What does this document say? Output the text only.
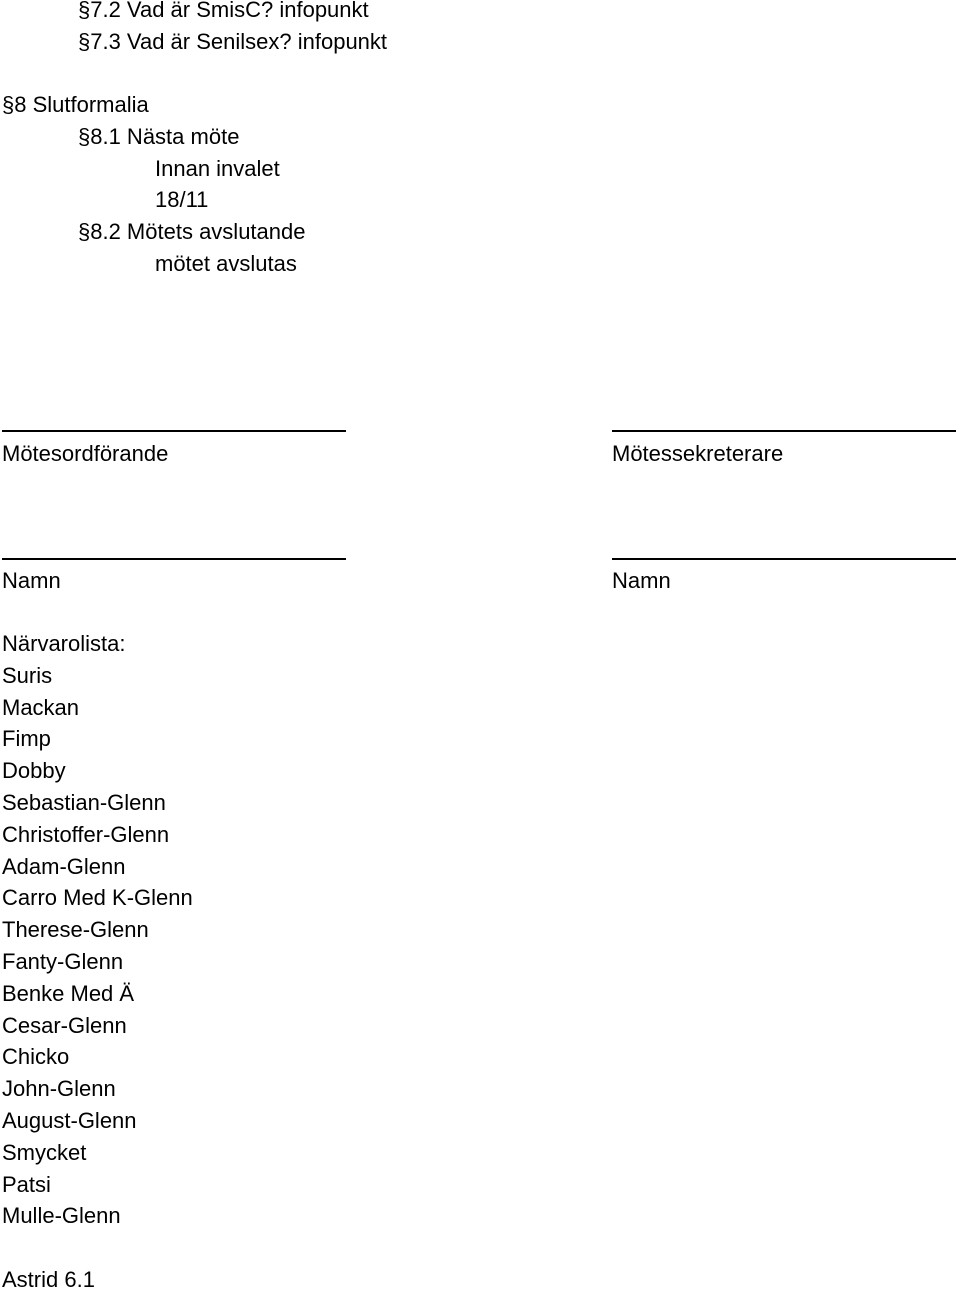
§7.2 Vad är SmisC? infopunkt
§7.3 Vad är Senilsex? infopunkt
§8 Slutformalia
§8.1 Nästa möte
Innan invalet
18/11
§8.2 Mötets avslutande
mötet avslutas
Mötesordförande	Mötessekreterare
Namn	Namn
Närvarolista:
Suris
Mackan
Fimp
Dobby
Sebastian-Glenn
Christoffer-Glenn
Adam-Glenn
Carro Med K-Glenn
Therese-Glenn
Fanty-Glenn
Benke Med Ä
Cesar-Glenn
Chicko
John-Glenn
August-Glenn
Smycket
Patsi
Mulle-Glenn
Astrid 6.1
